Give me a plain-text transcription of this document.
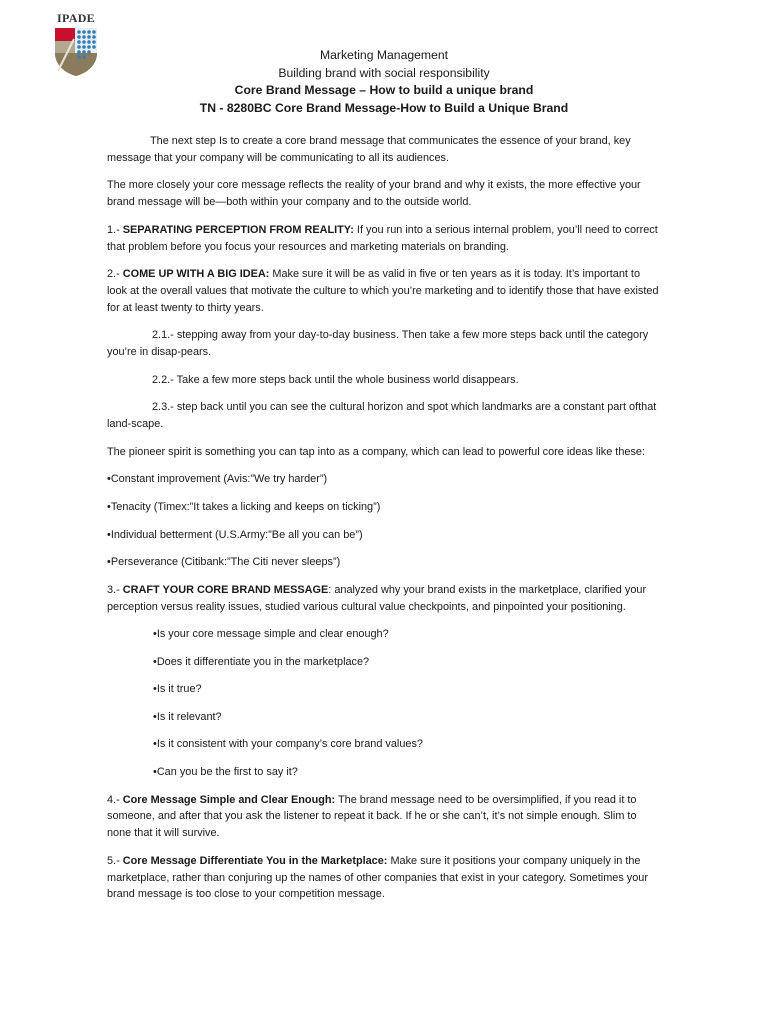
IPADE
Marketing Management
Building brand with social responsibility
Core Brand Message – How to build a unique brand
TN - 8280BC Core Brand Message-How to Build a Unique Brand

The next step Is to create a core brand message that communicates the essence of your brand, key message that your company will be communicating to all its audiences.

The more closely your core message reflects the reality of your brand and why it exists, the more effective your brand message will be—both within your company and to the outside world.

1.- SEPARATING PERCEPTION FROM REALITY: If you run into a serious internal problem, you’ll need to correct that problem before you focus your resources and marketing materials on branding.

2.- COME UP WITH A BIG IDEA: Make sure it will be as valid in five or ten years as it is today. It’s important to look at the overall values that motivate the culture to which you’re marketing and to identify those that have existed for at least twenty to thirty years.

2.1.- stepping away from your day-to-day business. Then take a few more steps back until the category you’re in disap-pears.

2.2.- Take a few more steps back until the whole business world disappears.

2.3.- step back until you can see the cultural horizon and spot which landmarks are a constant part ofthat land-scape.

The pioneer spirit is something you can tap into as a company, which can lead to powerful core ideas like these:

•Constant improvement (Avis:”We try harder”)

•Tenacity (Timex:”It takes a licking and keeps on ticking”)

•Individual betterment (U.S.Army:”Be all you can be”)

•Perseverance (Citibank:”The Citi never sleeps”)

3.- CRAFT YOUR CORE BRAND MESSAGE: analyzed why your brand exists in the marketplace, clarified your perception versus reality issues, studied various cultural value checkpoints, and pinpointed your positioning.

•Is your core message simple and clear enough?

•Does it differentiate you in the marketplace?

•Is it true?

•Is it relevant?

•Is it consistent with your company’s core brand values?

•Can you be the first to say it?

4.- Core Message Simple and Clear Enough: The brand message need to be oversimplified, if you read it to someone, and after that you ask the listener to repeat it back. If he or she can’t, it’s not simple enough. Slim to none that it will survive.

5.- Core Message Differentiate You in the Marketplace: Make sure it positions your company uniquely in the marketplace, rather than conjuring up the names of other companies that exist in your category. Sometimes your brand message is too close to your competition message.
